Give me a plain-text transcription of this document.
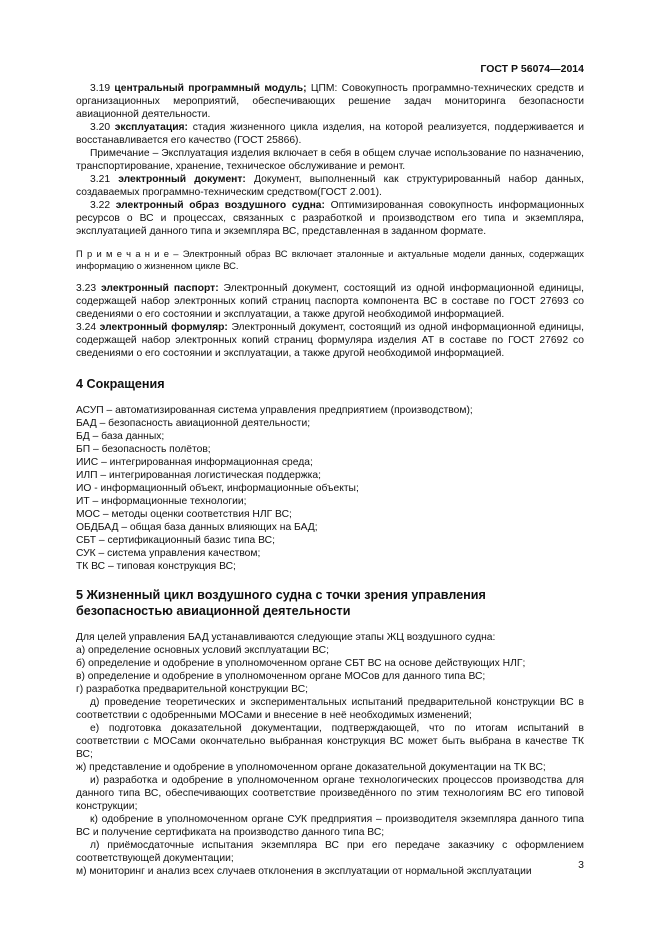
ГОСТ Р 56074—2014

3.19 центральный программный модуль; ЦПМ: Совокупность программно-технических средств и организационных мероприятий, обеспечивающих решение задач мониторинга безопасности авиационной деятельности.

3.20 эксплуатация: стадия жизненного цикла изделия, на которой реализуется, поддерживается и восстанавливается его качество (ГОСТ 25866).

Примечание – Эксплуатация изделия включает в себя в общем случае использование по назначению, транспортирование, хранение, техническое обслуживание и ремонт.

3.21 электронный документ: Документ, выполненный как структурированный набор данных, создаваемых программно-техническим средством(ГОСТ 2.001).

3.22 электронный образ воздушного судна: Оптимизированная совокупность информационных ресурсов о ВС и процессах, связанных с разработкой и производством его типа и экземпляра, эксплуатацией данного типа и экземпляра ВС, представленная в заданном формате.

П р и м е ч а н и е – Электронный образ ВС включает эталонные и актуальные модели данных, содержащих информацию о жизненном цикле ВС.

3.23 электронный паспорт: Электронный документ, состоящий из одной информационной единицы, содержащей набор электронных копий страниц паспорта компонента ВС в составе по ГОСТ 27693 со сведениями о его состоянии и эксплуатации, а также другой необходимой информацией.

3.24 электронный формуляр: Электронный документ, состоящий из одной информационной единицы, содержащей набор электронных копий страниц формуляра изделия АТ в составе по ГОСТ 27692 со сведениями о его состоянии и эксплуатации, а также другой необходимой информацией.

4 Сокращения

АСУП – автоматизированная система управления предприятием (производством);
БАД – безопасность авиационной деятельности;
БД – база данных;
БП – безопасность полётов;
ИИС – интегрированная информационная среда;
ИЛП – интегрированная логистическая поддержка;
ИО - информационный объект, информационные объекты;
ИТ – информационные технологии;
МОС – методы оценки соответствия НЛГ ВС;
ОБДБАД – общая база данных влияющих на БАД;
СБТ – сертификационный базис типа ВС;
СУК – система управления качеством;
ТК ВС – типовая конструкция ВС;

5 Жизненный цикл воздушного судна с точки зрения управления
безопасностью авиационной деятельности

Для целей управления БАД устанавливаются следующие этапы ЖЦ воздушного судна:

а) определение основных условий эксплуатации ВС;

б) определение и одобрение в уполномоченном органе СБТ ВС на основе действующих НЛГ;

в) определение и одобрение в уполномоченном органе МОСов для данного типа ВС;

г) разработка предварительной конструкции ВС;

д) проведение теоретических и экспериментальных испытаний предварительной конструкции ВС в соответствии с одобренными МОСами и внесение в неё необходимых изменений;

е) подготовка доказательной документации, подтверждающей, что по итогам испытаний в соответствии с МОСами окончательно выбранная конструкция ВС может быть выбрана в качестве ТК ВС;

ж) представление и одобрение в уполномоченном органе доказательной документации на ТК ВС;

и) разработка и одобрение в уполномоченном органе технологических процессов производства для данного типа ВС, обеспечивающих соответствие произведённого по этим технологиям ВС его типовой конструкции;

к) одобрение в уполномоченном органе СУК предприятия – производителя экземпляра данного типа ВС и получение сертификата на производство данного типа ВС;

л) приёмосдаточные испытания экземпляра ВС при его передаче заказчику с оформлением соответствующей документации;

м) мониторинг и анализ всех случаев отклонения в эксплуатации от нормальной эксплуатации

3
